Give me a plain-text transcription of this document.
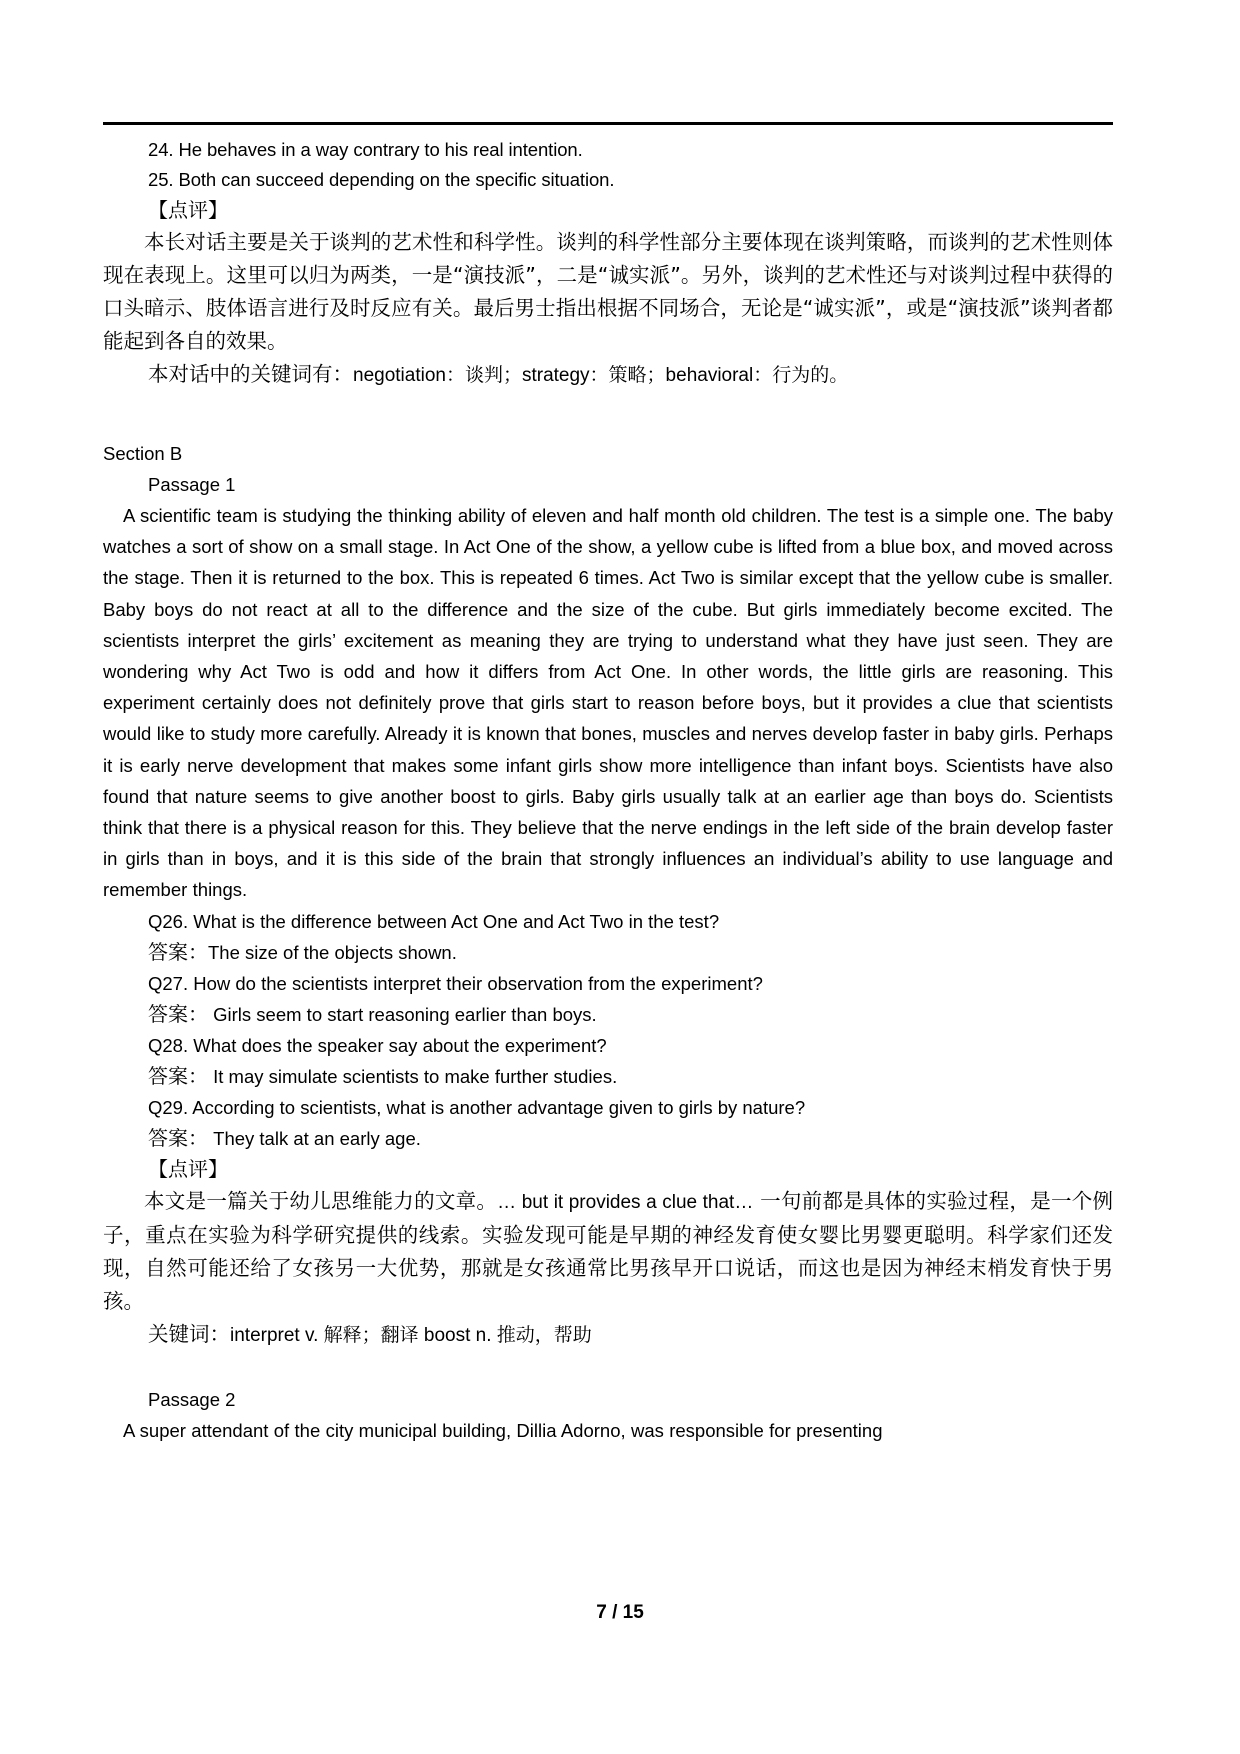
24. He behaves in a way contrary to his real intention.

25. Both can succeed depending on the specific situation.

【点评】

本长对话主要是关于谈判的艺术性和科学性。谈判的科学性部分主要体现在谈判策略，而谈判的艺术性则体现在表现上。这里可以归为两类，一是“演技派”，二是“诚实派”。另外，谈判的艺术性还与对谈判过程中获得的口头暗示、肢体语言进行及时反应有关。最后男士指出根据不同场合，无论是“诚实派”，或是“演技派”谈判者都能起到各自的效果。

本对话中的关键词有：negotiation：谈判；strategy：策略；behavioral：行为的。

Section B

Passage 1

A scientific team is studying the thinking ability of eleven and half month old children. The test is a simple one. The baby watches a sort of show on a small stage. In Act One of the show, a yellow cube is lifted from a blue box, and moved across the stage. Then it is returned to the box. This is repeated 6 times. Act Two is similar except that the yellow cube is smaller. Baby boys do not react at all to the difference and the size of the cube. But girls immediately become excited. The scientists interpret the girls’ excitement as meaning they are trying to understand what they have just seen. They are wondering why Act Two is odd and how it differs from Act One. In other words, the little girls are reasoning. This experiment certainly does not definitely prove that girls start to reason before boys, but it provides a clue that scientists would like to study more carefully. Already it is known that bones, muscles and nerves develop faster in baby girls. Perhaps it is early nerve development that makes some infant girls show more intelligence than infant boys. Scientists have also found that nature seems to give another boost to girls. Baby girls usually talk at an earlier age than boys do. Scientists think that there is a physical reason for this. They believe that the nerve endings in the left side of the brain develop faster in girls than in boys, and it is this side of the brain that strongly influences an individual’s ability to use language and remember things.

Q26. What is the difference between Act One and Act Two in the test?

答案：The size of the objects shown.

Q27. How do the scientists interpret their observation from the experiment?

答案： Girls seem to start reasoning earlier than boys.

Q28. What does the speaker say about the experiment?

答案： It may simulate scientists to make further studies.

Q29. According to scientists, what is another advantage given to girls by nature?

答案： They talk at an early age.

【点评】

本文是一篇关于幼儿思维能力的文章。… but it provides a clue that… 一句前都是具体的实验过程，是一个例子，重点在实验为科学研究提供的线索。实验发现可能是早期的神经发育使女婴比男婴更聪明。科学家们还发现，自然可能还给了女孩另一大优势，那就是女孩通常比男孩早开口说话，而这也是因为神经末梢发育快于男孩。

关键词：interpret v. 解释；翻译 boost n. 推动，帮助

Passage 2

A super attendant of the city municipal building, Dillia Adorno, was responsible for presenting

7 / 15
